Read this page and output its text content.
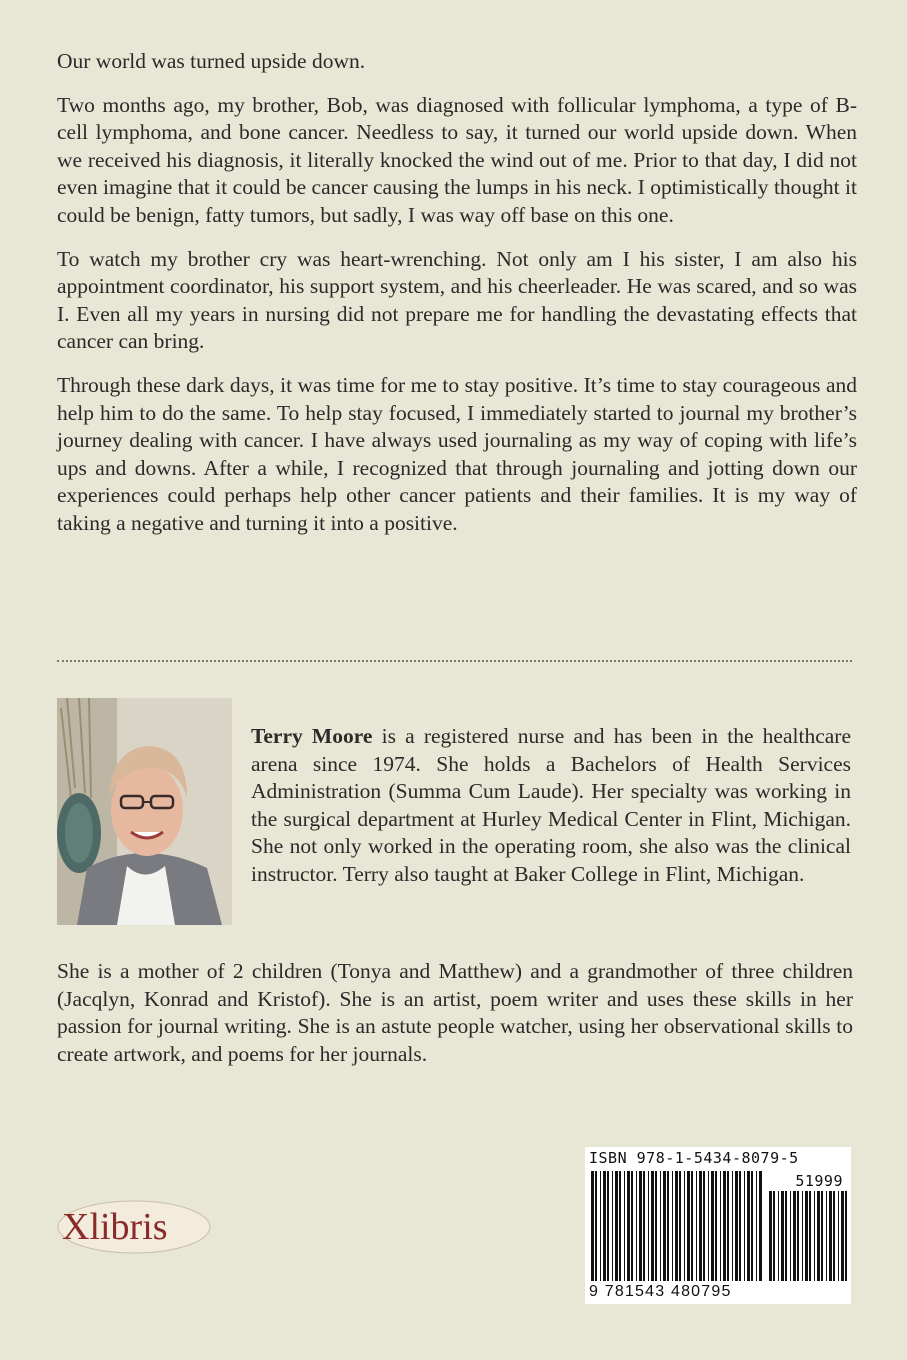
Our world was turned upside down.

Two months ago, my brother, Bob, was diagnosed with follicular lymphoma, a type of B-cell lymphoma, and bone cancer. Needless to say, it turned our world upside down. When we received his diagnosis, it literally knocked the wind out of me. Prior to that day, I did not even imagine that it could be cancer causing the lumps in his neck. I optimistically thought it could be benign, fatty tumors, but sadly, I was way off base on this one.

To watch my brother cry was heart-wrenching. Not only am I his sister, I am also his appointment coordinator, his support system, and his cheerleader. He was scared, and so was I. Even all my years in nursing did not prepare me for handling the devastating effects that cancer can bring.

Through these dark days, it was time for me to stay positive. It’s time to stay courageous and help him to do the same. To help stay focused, I immediately started to journal my brother’s journey dealing with cancer. I have always used journaling as my way of coping with life’s ups and downs. After a while, I recognized that through journaling and jotting down our experiences could perhaps help other cancer patients and their families. It is my way of taking a negative and turning it into a positive.

Terry Moore is a registered nurse and has been in the healthcare arena since 1974. She holds a Bachelors of Health Services Administration (Summa Cum Laude). Her specialty was working in the surgical department at Hurley Medical Center in Flint, Michigan. She not only worked in the operating room, she also was the clinical instructor. Terry also taught at Baker College in Flint, Michigan.

She is a mother of 2 children (Tonya and Matthew) and a grandmother of three children (Jacqlyn, Konrad and Kristof). She is an artist, poem writer and uses these skills in her passion for journal writing. She is an astute people watcher, using her observational skills to create artwork, and poems for her journals.

Xlibris
ISBN 978-1-5434-8079-5
51999
9 781543 480795
